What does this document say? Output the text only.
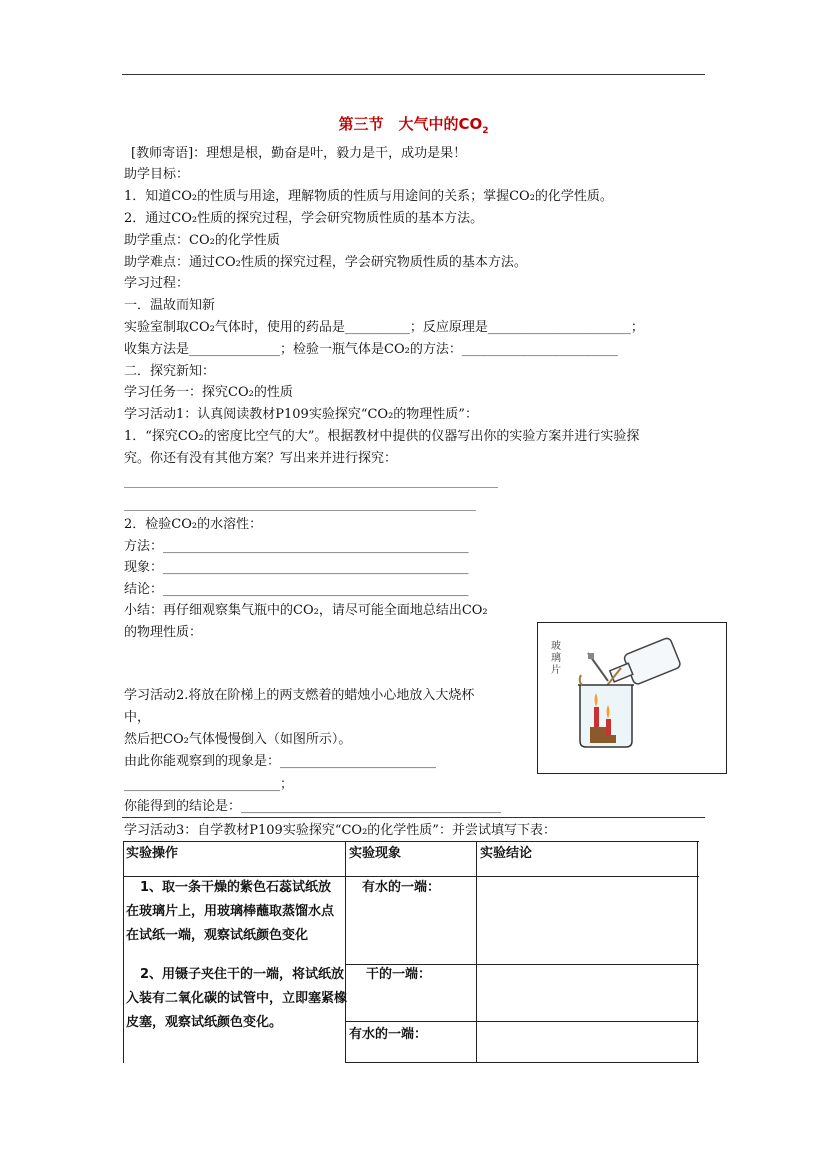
第三节　大气中的$CO_2$
[教师寄语]：理想是根，勤奋是叶，毅力是干，成功是果！
助学目标：
1．知道CO₂的性质与用途，理解物质的性质与用途间的关系；掌握CO₂的化学性质。
2．通过CO₂性质的探究过程，学会研究物质性质的基本方法。
助学重点：CO₂的化学性质
助学难点：通过CO₂性质的探究过程，学会研究物质性质的基本方法。
学习过程：
一．温故而知新
实验室制取CO₂气体时，使用的药品是__________；反应原理是______________________；
收集方法是______________；检验一瓶气体是CO₂的方法：________________________
二．探究新知：
学习任务一：探究CO₂的性质
学习活动1：认真阅读教材P109实验探究“CO₂的物理性质”：
1．“探究CO₂的密度比空气的大”。根据教材中提供的仪器写出你的实验方案并进行实验探
究。你还有没有其他方案？写出来并进行探究：
____________________________________________________________________
________________________________________________________________
2．检验CO₂的水溶性：
方法：_______________________________________________
现象：_______________________________________________
结论：_______________________________________________
小结：再仔细观察集气瓶中的CO₂，请尽可能全面地总结出CO₂
的物理性质：
学习活动2.将放在阶梯上的两支燃着的蜡烛小心地放入大烧杯
中，
然后把CO₂气体慢慢倒入（如图所示）。
由此你能观察到的现象是：________________________
________________________；
你能得到的结论是：________________________________________
玻
璃
片
学习活动3：自学教材P109实验探究“CO₂的化学性质”：并尝试填写下表：
实验操作	实验现象	实验结论
1、取一条干燥的紫色石蕊试纸放在玻璃片上，用玻璃棒蘸取蒸馏水点在试纸一端，观察试纸颜色变化
有水的一端：
2、用镊子夹住干的一端，将试纸放入装有二氧化碳的试管中，立即塞紧橡皮塞，观察试纸颜色变化。
干的一端：
有水的一端：
